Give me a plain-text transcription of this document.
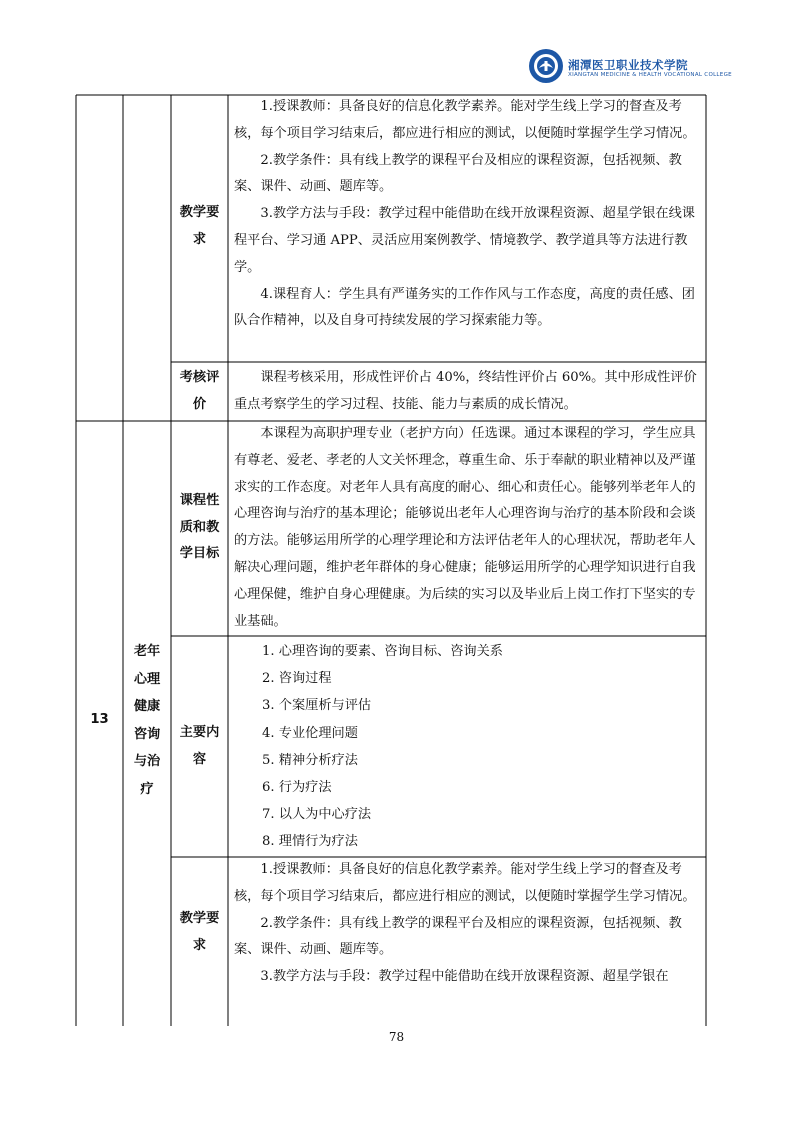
湘潭医卫职业技术学院
XIANGTAN MEDICINE & HEALTH VOCATIONAL COLLEGE
教学要
求

1.授课教师：具备良好的信息化教学素养。能对学生线上学习的督查及考核，每个项目学习结束后，都应进行相应的测试，以便随时掌握学生学习情况。

2.教学条件：具有线上教学的课程平台及相应的课程资源，包括视频、教案、课件、动画、题库等。

3.教学方法与手段：教学过程中能借助在线开放课程资源、超星学银在线课程平台、学习通 APP、灵活应用案例教学、情境教学、教学道具等方法进行教学。

4.课程育人：学生具有严谨务实的工作作风与工作态度，高度的责任感、团队合作精神，以及自身可持续发展的学习探索能力等。

考核评
价

课程考核采用，形成性评价占 40%，终结性评价占 60%。其中形成性评价重点考察学生的学习过程、技能、能力与素质的成长情况。

13
老年
心理
健康
咨询
与治
疗
课程性
质和教
学目标

本课程为高职护理专业（老护方向）任选课。通过本课程的学习，学生应具有尊老、爱老、孝老的人文关怀理念，尊重生命、乐于奉献的职业精神以及严谨求实的工作态度。对老年人具有高度的耐心、细心和责任心。能够列举老年人的心理咨询与治疗的基本理论；能够说出老年人心理咨询与治疗的基本阶段和会谈的方法。能够运用所学的心理学理论和方法评估老年人的心理状况，帮助老年人解决心理问题，维护老年群体的身心健康；能够运用所学的心理学知识进行自我心理保健，维护自身心理健康。为后续的实习以及毕业后上岗工作打下坚实的专业基础。

主要内
容
1. 心理咨询的要素、咨询目标、咨询关系
2. 咨询过程
3. 个案厘析与评估
4. 专业伦理问题
5. 精神分析疗法
6. 行为疗法
7. 以人为中心疗法
8. 理情行为疗法
教学要
求

1.授课教师：具备良好的信息化教学素养。能对学生线上学习的督查及考核，每个项目学习结束后，都应进行相应的测试，以便随时掌握学生学习情况。

2.教学条件：具有线上教学的课程平台及相应的课程资源，包括视频、教案、课件、动画、题库等。

3.教学方法与手段：教学过程中能借助在线开放课程资源、超星学银在

78
